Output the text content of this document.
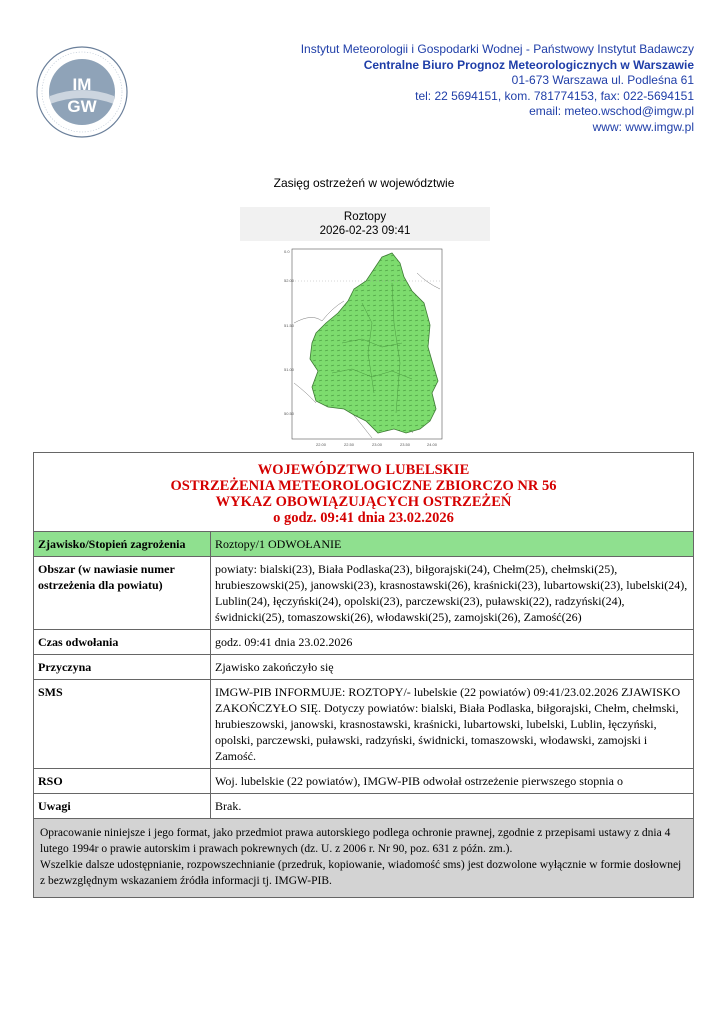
IM
GW
Instytut Meteorologii i Gospodarki Wodnej - Państwowy Instytut Badawczy
Centralne Biuro Prognoz Meteorologicznych w Warszawie
01-673 Warszawa ul. Podleśna 61
tel: 22 5694151, kom. 781774153, fax: 022-5694151
email: meteo.wschod@imgw.pl
www: www.imgw.pl
Zasięg ostrzeżeń w województwie
Roztopy
2026-02-23 09:41
0.0
52.00
51.50
51.00
50.50
22.00	22.50	23.00	23.50	24.00
WOJEWÓDZTWO LUBELSKIE
OSTRZEŻENIA METEOROLOGICZNE ZBIORCZO NR 56
WYKAZ OBOWIĄZUJĄCYCH OSTRZEŻEŃ
o godz. 09:41 dnia 23.02.2026	

Zjawisko/Stopień zagrożenia	Roztopy/1 ODWOŁANIE
Obszar (w nawiasie numer ostrzeżenia dla powiatu)	powiaty: bialski(23), Biała Podlaska(23), biłgorajski(24), Chełm(25), chełmski(25), hrubieszowski(25), janowski(23), krasnostawski(26), kraśnicki(23), lubartowski(23), lubelski(24), Lublin(24), łęczyński(24), opolski(23), parczewski(23), puławski(22), radzyński(24), świdnicki(25), tomaszowski(26), włodawski(25), zamojski(26), Zamość(26)
Czas odwołania	godz. 09:41 dnia 23.02.2026
Przyczyna	Zjawisko zakończyło się
SMS	IMGW-PIB INFORMUJE: ROZTOPY/- lubelskie (22 powiatów) 09:41/23.02.2026 ZJAWISKO ZAKOŃCZYŁO SIĘ. Dotyczy powiatów: bialski, Biała Podlaska, biłgorajski, Chełm, chełmski, hrubieszowski, janowski, krasnostawski, kraśnicki, lubartowski, lubelski, Lublin, łęczyński, opolski, parczewski, puławski, radzyński, świdnicki, tomaszowski, włodawski, zamojski i Zamość.
RSO	Woj. lubelskie (22 powiatów), IMGW-PIB odwołał ostrzeżenie pierwszego stopnia o
Uwagi	Brak.

Opracowanie niniejsze i jego format, jako przedmiot prawa autorskiego podlega ochronie prawnej, zgodnie z przepisami ustawy z dnia 4 lutego 1994r o prawie autorskim i prawach pokrewnych (dz. U. z 2006 r. Nr 90, poz. 631 z późn. zm.).

Wszelkie dalsze udostępnianie, rozpowszechnianie (przedruk, kopiowanie, wiadomość sms) jest dozwolone wyłącznie w formie dosłownej z bezwzględnym wskazaniem źródła informacji tj. IMGW-PIB.	
